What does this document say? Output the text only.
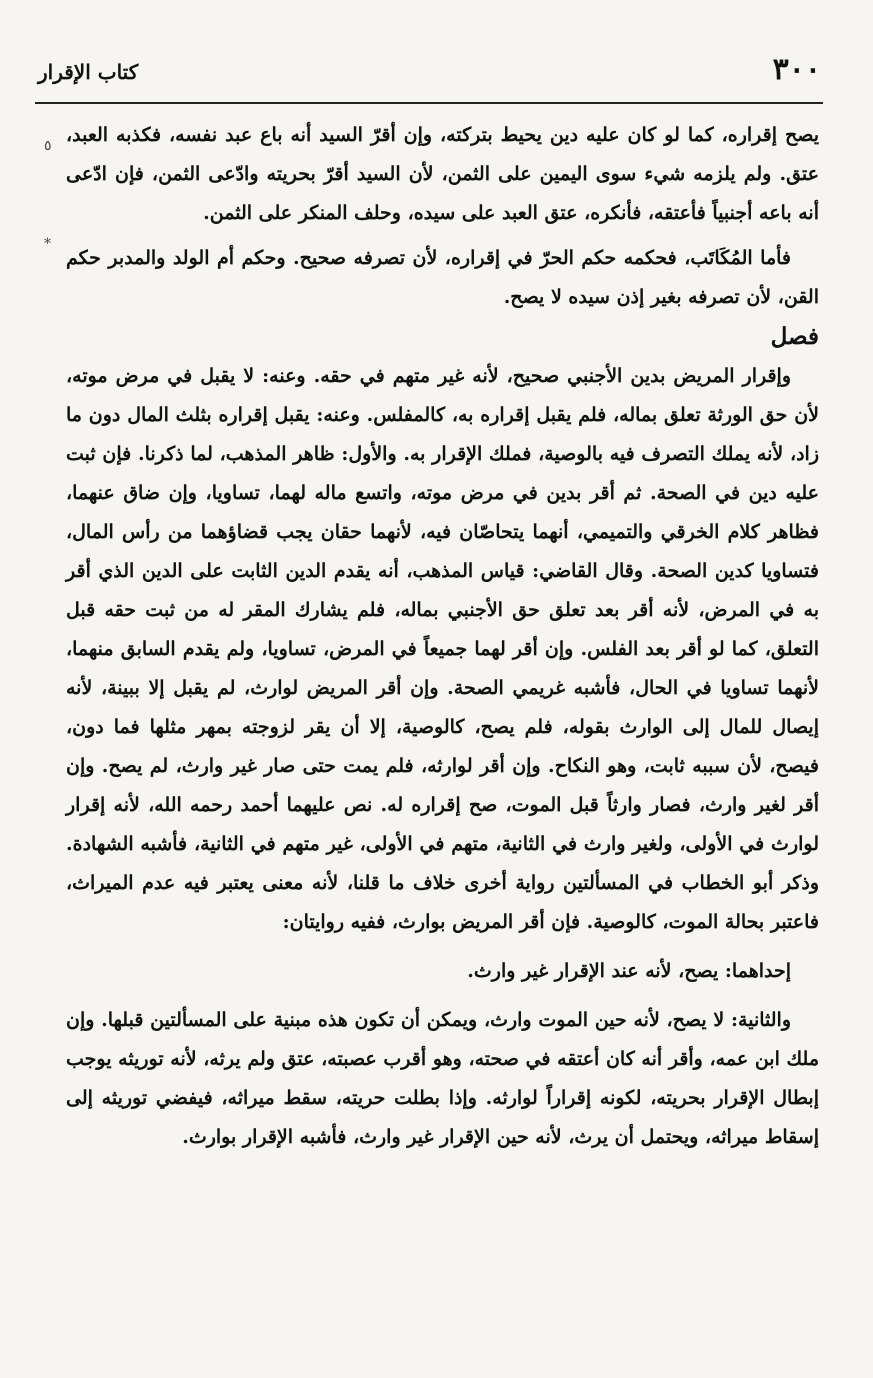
٣٠٠
كتاب الإقرار
٥
*

يصح إقراره، كما لو كان عليه دين يحيط بتركته، وإن أقرّ السيد أنه باع عبد نفسه، فكذبه العبد، عتق. ولم يلزمه شيء سوى اليمين على الثمن، لأن السيد أقرّ بحريته وادّعى الثمن، فإن ادّعى أنه باعه أجنبياً فأعتقه، فأنكره، عتق العبد على سيده، وحلف المنكر على الثمن.

فأما المُكَاتَب، فحكمه حكم الحرّ في إقراره، لأن تصرفه صحيح. وحكم أم الولد والمدبر حكم القن، لأن تصرفه بغير إذن سيده لا يصح.

فصل

وإقرار المريض بدين الأجنبي صحيح، لأنه غير متهم في حقه. وعنه: لا يقبل في مرض موته، لأن حق الورثة تعلق بماله، فلم يقبل إقراره به، كالمفلس. وعنه: يقبل إقراره بثلث المال دون ما زاد، لأنه يملك التصرف فيه بالوصية، فملك الإقرار به. والأول: ظاهر المذهب، لما ذكرنا. فإن ثبت عليه دين في الصحة. ثم أقر بدين في مرض موته، واتسع ماله لهما، تساويا، وإن ضاق عنهما، فظاهر كلام الخرقي والتميمي، أنهما يتحاصّان فيه، لأنهما حقان يجب قضاؤهما من رأس المال، فتساويا كدين الصحة. وقال القاضي: قياس المذهب، أنه يقدم الدين الثابت على الدين الذي أقر به في المرض، لأنه أقر بعد تعلق حق الأجنبي بماله، فلم يشارك المقر له من ثبت حقه قبل التعلق، كما لو أقر بعد الفلس. وإن أقر لهما جميعاً في المرض، تساويا، ولم يقدم السابق منهما، لأنهما تساويا في الحال، فأشبه غريمي الصحة. وإن أقر المريض لوارث، لم يقبل إلا ببينة، لأنه إيصال للمال إلى الوارث بقوله، فلم يصح، كالوصية، إلا أن يقر لزوجته بمهر مثلها فما دون، فيصح، لأن سببه ثابت، وهو النكاح. وإن أقر لوارثه، فلم يمت حتى صار غير وارث، لم يصح. وإن أقر لغير وارث، فصار وارثاً قبل الموت، صح إقراره له. نص عليهما أحمد رحمه الله، لأنه إقرار لوارث في الأولى، ولغير وارث في الثانية، متهم في الأولى، غير متهم في الثانية، فأشبه الشهادة. وذكر أبو الخطاب في المسألتين رواية أخرى خلاف ما قلنا، لأنه معنى يعتبر فيه عدم الميراث، فاعتبر بحالة الموت، كالوصية. فإن أقر المريض بوارث، ففيه روايتان:

إحداهما: يصح، لأنه عند الإقرار غير وارث.

والثانية: لا يصح، لأنه حين الموت وارث، ويمكن أن تكون هذه مبنية على المسألتين قبلها. وإن ملك ابن عمه، وأقر أنه كان أعتقه في صحته، وهو أقرب عصبته، عتق ولم يرثه، لأنه توريثه يوجب إبطال الإقرار بحريته، لكونه إقراراً لوارثه. وإذا بطلت حريته، سقط ميراثه، فيفضي توريثه إلى إسقاط ميراثه، ويحتمل أن يرث، لأنه حين الإقرار غير وارث، فأشبه الإقرار بوارث.
